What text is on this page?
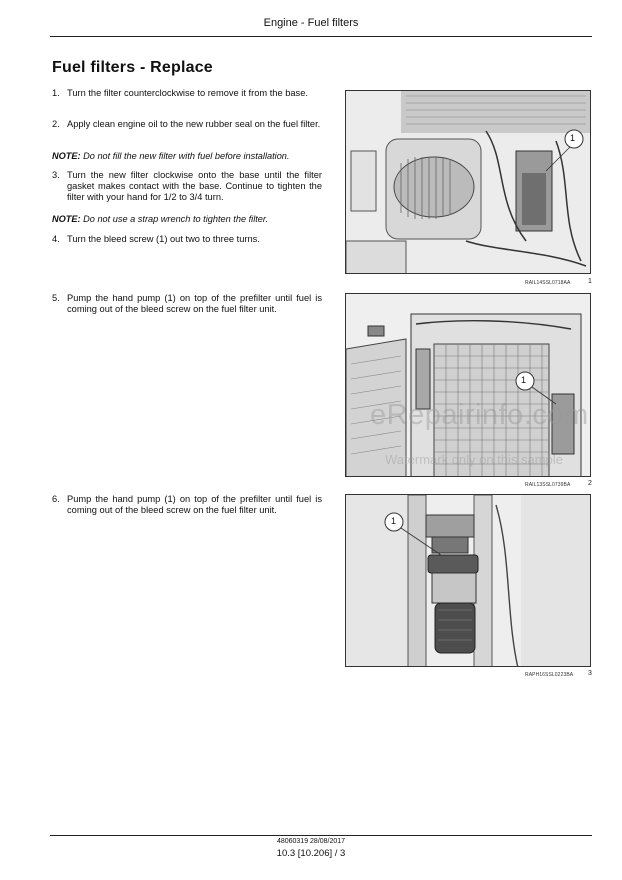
Engine - Fuel filters
Fuel filters - Replace
1. Turn the filter counterclockwise to remove it from the base.
2. Apply clean engine oil to the new rubber seal on the fuel filter.
NOTE: Do not fill the new filter with fuel before installation.
3. Turn the new filter clockwise onto the base until the filter gasket makes contact with the base. Continue to tighten the filter with your hand for 1/2 to 3/4 turn.
NOTE: Do not use a strap wrench to tighten the filter.
4. Turn the bleed screw (1) out two to three turns.
1
RAIL14SSL0718AA	1
5. Pump the hand pump (1) on top of the prefilter until fuel is coming out of the bleed screw on the fuel filter unit.
1
RAIL13SSL0739BA	2
eRepairinfo.com
Watermark only on this sample
6. Pump the hand pump (1) on top of the prefilter until fuel is coming out of the bleed screw on the fuel filter unit.
1
RAPH16SSL0223BA 3
48060319 28/08/2017
10.3 [10.206] / 3
